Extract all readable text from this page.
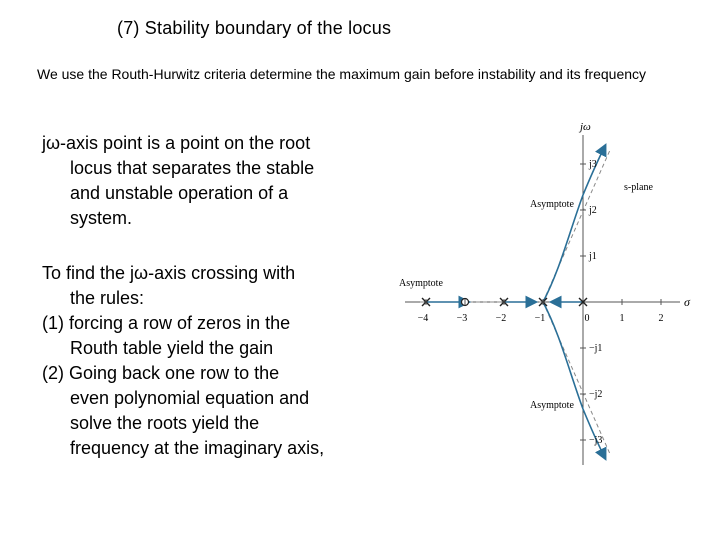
(7) Stability boundary of the locus
We use the Routh-Hurwitz criteria determine the maximum gain before instability and its frequency
jω-axis point is a point on the root
locus that separates the stable
and unstable operation of a
system.
To find the jω-axis crossing with
the rules:
(1) forcing a row of zeros in the
Routh table yield the gain
(2) Going back one row to the
even polynomial equation and
solve the roots yield the
frequency at the imaginary axis,
−4	−3	−2	−1	0	1	2
j3
j2
j1
−j1
−j2
−j3
jω
σ
s-plane
Asymptote
Asymptote
Asymptote
